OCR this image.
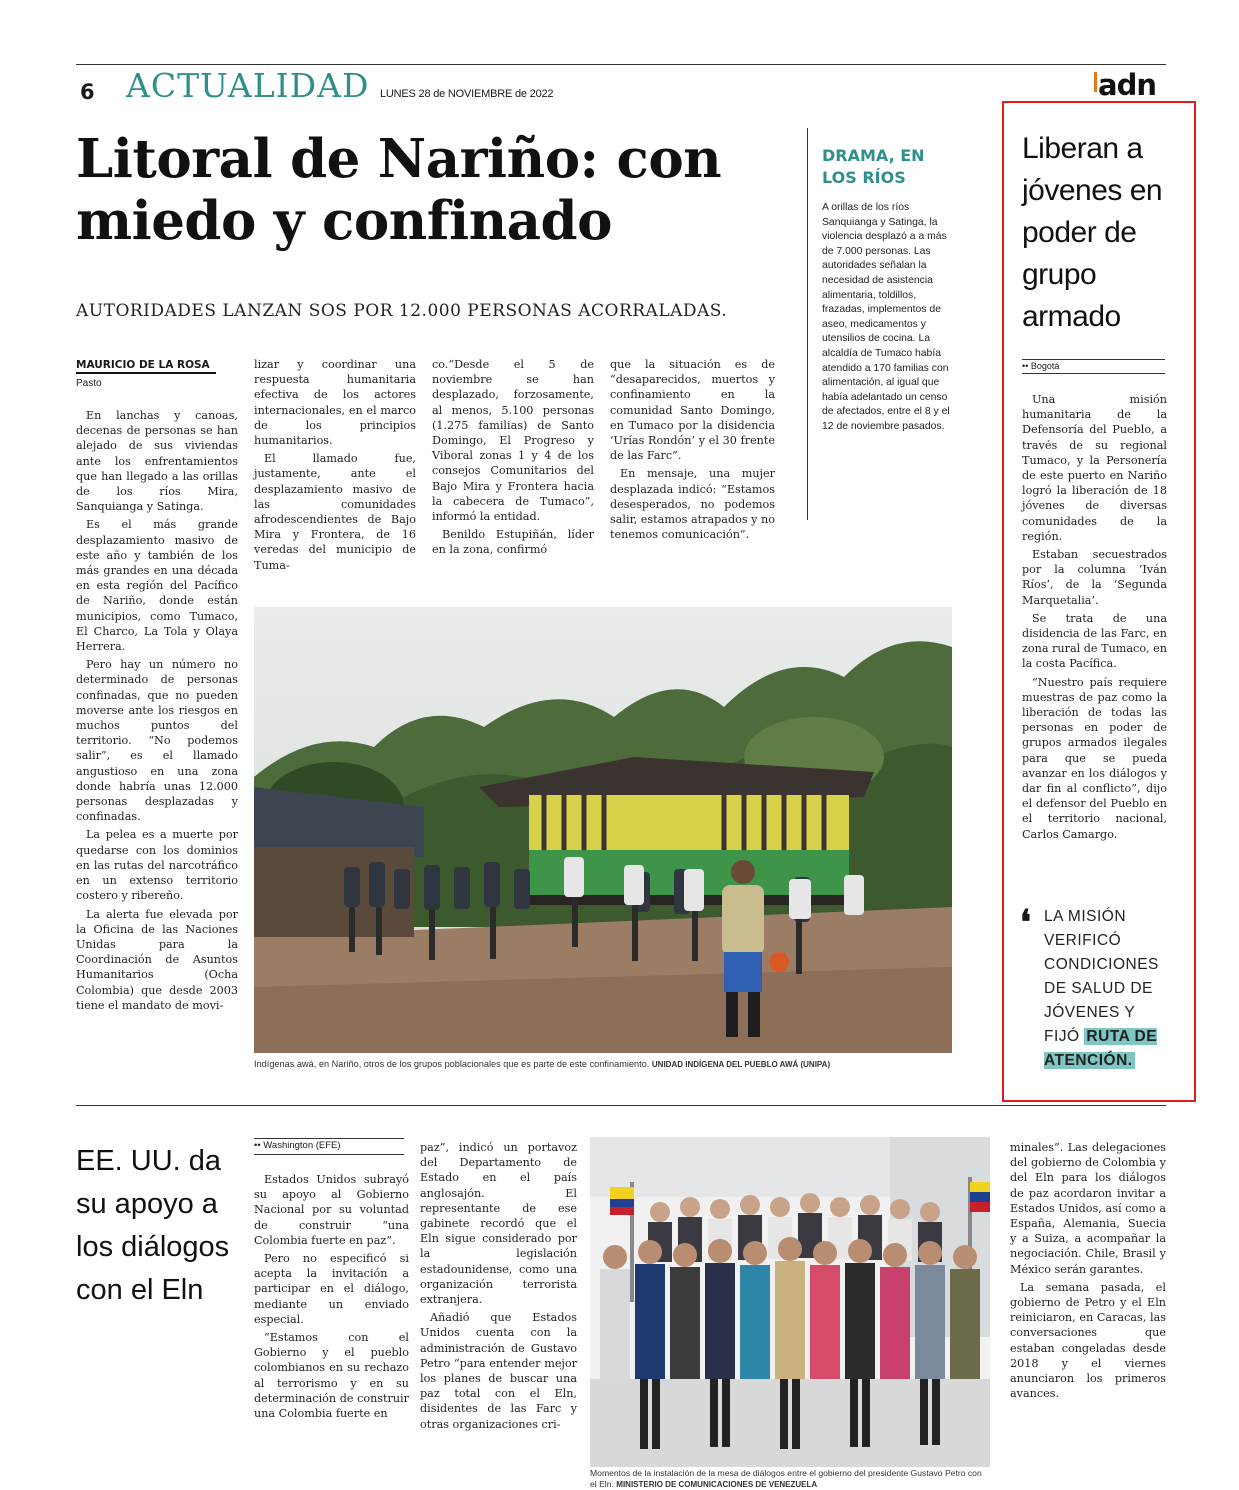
6 ACTUALIDAD LUNES 28 de NOVIEMBRE de 2022	adn
Litoral de Nariño: con miedo y confinado
AUTORIDADES LANZAN SOS POR 12.000 PERSONAS ACORRALADAS.
MAURICIO DE LA ROSA
Pasto

En lanchas y canoas, decenas de personas se han alejado de sus viviendas ante los enfrentamientos que han llegado a las orillas de los ríos Mira, Sanquianga y Satinga.

Es el más grande desplazamiento masivo de este año y también de los más grandes en una década en esta región del Pacífico de Nariño, donde están municipios, como Tumaco, El Charco, La Tola y Olaya Herrera.

Pero hay un número no determinado de personas confinadas, que no pueden moverse ante los riesgos en muchos puntos del territorio. “No podemos salir”, es el llamado angustioso en una zona donde habría unas 12.000 personas desplazadas y confinadas.

La pelea es a muerte por quedarse con los dominios en las rutas del narcotráfico en un extenso territorio costero y ribereño.

La alerta fue elevada por la Oficina de las Naciones Unidas para la Coordinación de Asuntos Humanitarios (Ocha Colombia) que desde 2003 tiene el mandato de movi-

lizar y coordinar una respuesta humanitaria efectiva de los actores internacionales, en el marco de los principios humanitarios.

El llamado fue, justamente, ante el desplazamiento masivo de las comunidades afrodescendientes de Bajo Mira y Frontera, de 16 veredas del municipio de Tuma-

co.“Desde el 5 de noviembre se han desplazado, forzosamente, al menos, 5.100 personas (1.275 familias) de Santo Domingo, El Progreso y Viboral zonas 1 y 4 de los consejos Comunitarios del Bajo Mira y Frontera hacia la cabecera de Tumaco”, informó la entidad.

Benildo Estupiñán, líder en la zona, confirmó

que la situación es de “desaparecidos, muertos y confinamiento en la comunidad Santo Domingo, en Tumaco por la disidencia ‘Urías Rondón’ y el 30 frente de las Farc”.

En mensaje, una mujer desplazada indicó: “Estamos desesperados, no podemos salir, estamos atrapados y no tenemos comunicación”.

DRAMA, EN LOS RÍOS
A orillas de los ríos Sanquianga y Satinga, la violencia desplazó a a más de 7.000 personas. Las autoridades señalan la necesidad de asistencia alimentaria, toldillos, frazadas, implementos de aseo, medicamentos y utensilios de cocina. La alcaldía de Tumaco había atendido a 170 familias con alimentación, al igual que había adelantado un censo de afectados, entre el 8 y el 12 de noviembre pasados.
Indígenas awá, en Nariño, otros de los grupos poblacionales que es parte de este confinamiento. UNIDAD INDÍGENA DEL PUEBLO AWÁ (UNIPA)
Liberan a jóvenes en poder de grupo armado
•• Bogotá

Una misión humanitaria de la Defensoría del Pueblo, a través de su regional Tumaco, y la Personería de este puerto en Nariño logró la liberación de 18 jóvenes de diversas comunidades de la región.

Estaban secuestrados por la columna ‘Iván Ríos’, de la ‘Segunda Marquetalia’.

Se trata de una disidencia de las Farc, en zona rural de Tumaco, en la costa Pacífica.

“Nuestro país requiere muestras de paz como la liberación de todas las personas en poder de grupos armados ilegales para que se pueda avanzar en los diálogos y dar fin al conflicto”, dijo el defensor del Pueblo en el territorio nacional, Carlos Camargo.

❛ LA MISIÓN VERIFICÓ CONDICIONES DE SALUD DE JÓVENES Y FIJÓ RUTA DE ATENCIÓN.
EE. UU. da su apoyo a los diálogos con el Eln
•• Washington (EFE)

Estados Unidos subrayó su apoyo al Gobierno Nacional por su voluntad de construir “una Colombia fuerte en paz”.

Pero no especificó si acepta la invitación a participar en el diálogo, mediante un enviado especial.

“Estamos con el Gobierno y el pueblo colombianos en su rechazo al terrorismo y en su determinación de construir una Colombia fuerte en

paz”, indicó un portavoz del Departamento de Estado en el país anglosajón. El representante de ese gabinete recordó que el Eln sigue considerado por la legislación estadounidense, como una organización terrorista extranjera.

Añadió que Estados Unidos cuenta con la administración de Gustavo Petro “para entender mejor los planes de buscar una paz total con el Eln, disidentes de las Farc y otras organizaciones cri-

Momentos de la instalación de la mesa de diálogos entre el gobierno del presidente Gustavo Petro con el Eln. MINISTERIO DE COMUNICACIONES DE VENEZUELA

minales”. Las delegaciones del gobierno de Colombia y del Eln para los diálogos de paz acordaron invitar a Estados Unidos, así como a España, Alemania, Suecia y a Suiza, a acompañar la negociación. Chile, Brasil y México serán garantes.

La semana pasada, el gobierno de Petro y el Eln reiniciaron, en Caracas, las conversaciones que estaban congeladas desde 2018 y el viernes anunciaron los primeros avances.
